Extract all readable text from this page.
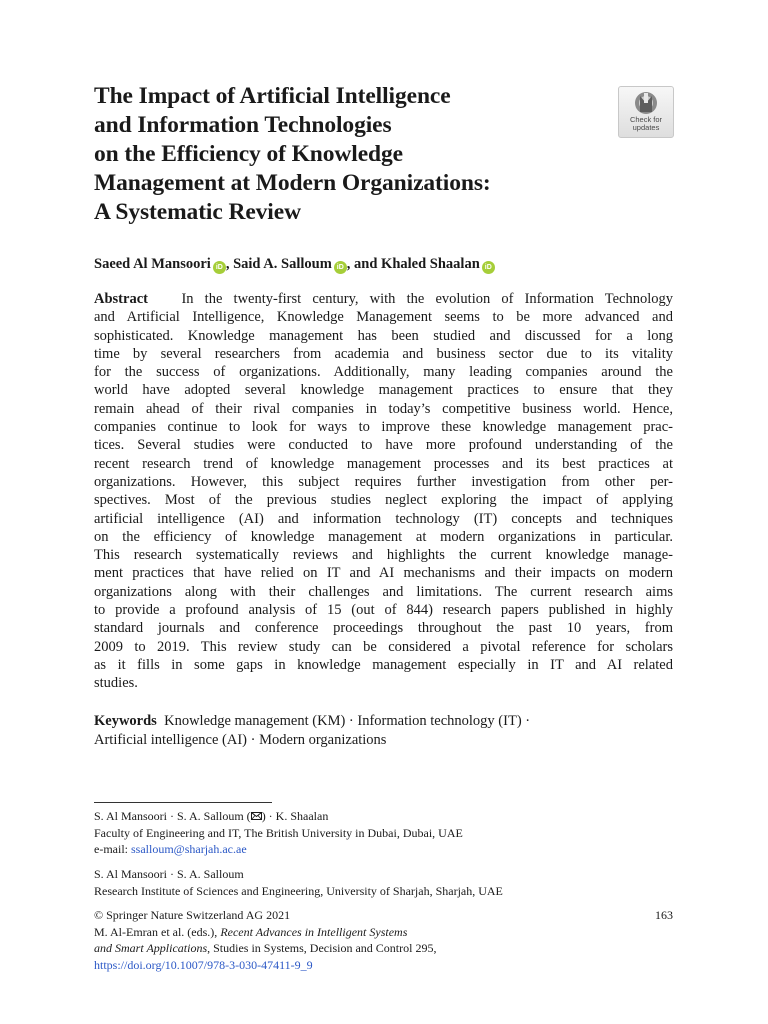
The Impact of Artificial Intelligence
and Information Technologies
on the Efficiency of Knowledge
Management at Modern Organizations:
A Systematic Review
Check for
updates
Saeed Al Mansoori iD , Said A. Salloum iD , and Khaled Shaalan iD
Abstract In the twenty-first century, with the evolution of Information Technology
and Artificial Intelligence, Knowledge Management seems to be more advanced and
sophisticated. Knowledge management has been studied and discussed for a long
time by several researchers from academia and business sector due to its vitality
for the success of organizations. Additionally, many leading companies around the
world have adopted several knowledge management practices to ensure that they
remain ahead of their rival companies in today’s competitive business world. Hence,
companies continue to look for ways to improve these knowledge management prac-
tices. Several studies were conducted to have more profound understanding of the
recent research trend of knowledge management processes and its best practices at
organizations. However, this subject requires further investigation from other per-
spectives. Most of the previous studies neglect exploring the impact of applying
artificial intelligence (AI) and information technology (IT) concepts and techniques
on the efficiency of knowledge management at modern organizations in particular.
This research systematically reviews and highlights the current knowledge manage-
ment practices that have relied on IT and AI mechanisms and their impacts on modern
organizations along with their challenges and limitations. The current research aims
to provide a profound analysis of 15 (out of 844) research papers published in highly
standard journals and conference proceedings throughout the past 10 years, from
2009 to 2019. This review study can be considered a pivotal reference for scholars
as it fills in some gaps in knowledge management especially in IT and AI related
studies.
Keywords Knowledge management (KM) · Information technology (IT) ·
Artificial intelligence (AI) · Modern organizations
S. Al Mansoori · S. A. Salloum ( ) · K. Shaalan
Faculty of Engineering and IT, The British University in Dubai, Dubai, UAE
e-mail: ssalloum@sharjah.ac.ae
S. Al Mansoori · S. A. Salloum
Research Institute of Sciences and Engineering, University of Sharjah, Sharjah, UAE
© Springer Nature Switzerland AG 2021
M. Al-Emran et al. (eds.), Recent Advances in Intelligent Systems
and Smart Applications, Studies in Systems, Decision and Control 295,
https://doi.org/10.1007/978-3-030-47411-9_9
163
